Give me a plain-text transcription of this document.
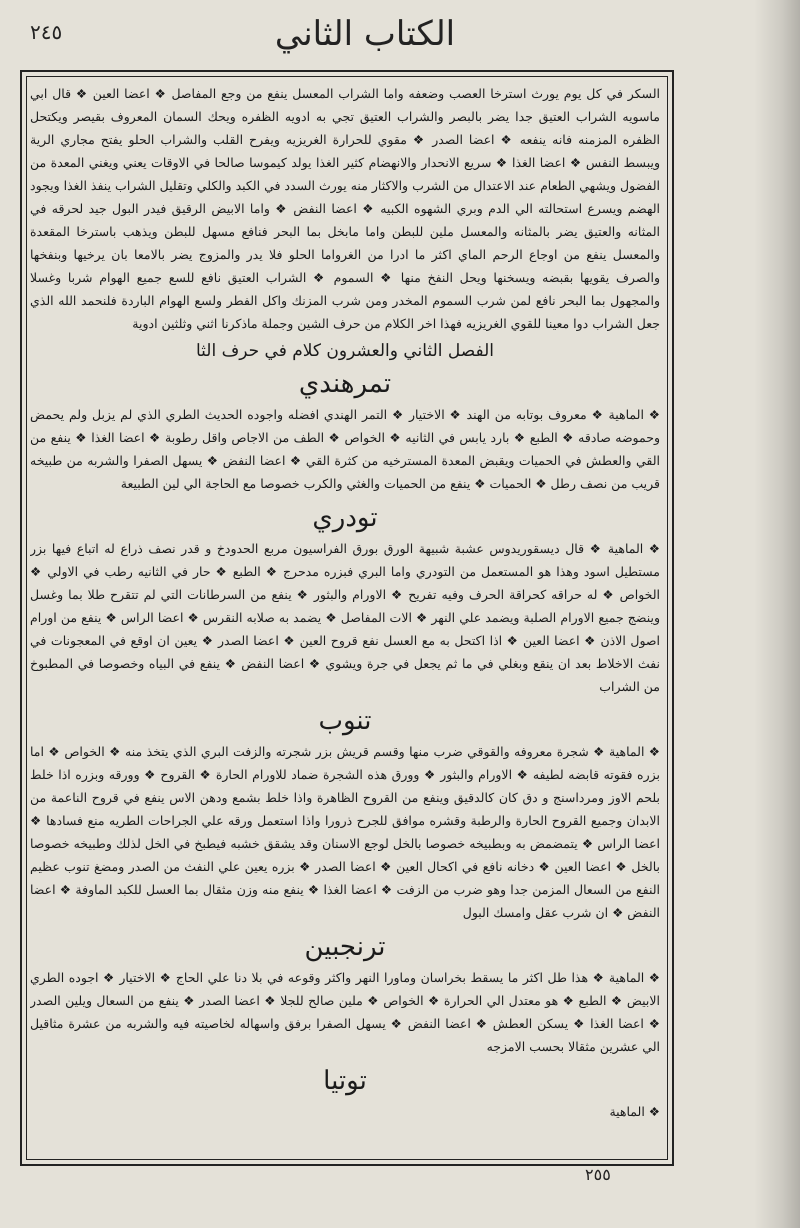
الكتاب الثاني
٢٤٥

السكر في كل يوم يورث استرخا العصب وضعفه واما الشراب المعسل ينفع من وجع المفاصل ❖ اعضا العين ❖ قال ابي ماسويه الشراب العتيق جدا يضر بالبصر والشراب العتيق تجي به ادويه الظفره ويحك السمان المعروف بقيصر ويكتحل الظفره المزمنه فانه ينفعه ❖ اعضا الصدر ❖ مقوي للحرارة الغريزيه ويفرح القلب والشراب الحلو يفتح مجاري الرية ويبسط النفس ❖ اعضا الغذا ❖ سريع الانحدار والانهضام كثير الغذا يولد كيموسا صالحا في الاوقات يعني ويغني المعدة من الفضول ويشهي الطعام عند الاعتدال من الشرب والاكثار منه يورث السدد في الكبد والكلي وتقليل الشراب ينفذ الغذا ويجود الهضم ويسرع استحالته الي الدم وبري الشهوه الكبيه ❖ اعضا النفض ❖ واما الابيض الرقيق فيدر البول جيد لحرقه في المثانه والعتيق يضر بالمثانه والمعسل ملين للبطن واما مابخل بما البحر فنافع مسهل للبطن ويذهب باسترخا المقعدة والمعسل ينفع من اوجاع الرحم الماي اكثر ما ادرا من الغرواما الحلو فلا يدر والمزوج يضر بالامعا بان يرخيها وبنفخها والصرف يقويها بقبضه ويسخنها ويحل النفخ منها ❖ السموم ❖ الشراب العتيق نافع للسع جميع الهوام شربا وغسلا والمجهول بما البحر نافع لمن شرب السموم المخدر ومن شرب المزنك واكل الفطر ولسع الهوام الباردة فلنحمد الله الذي جعل الشراب دوا معينا للقوي الغريزيه فهذا اخر الكلام من حرف الشين وجملة ماذكرنا اثني وثلثين ادوية

الفصل الثاني والعشرون كلام في حرف الثا
تمرهندي

❖ الماهية ❖ معروف بوتابه من الهند ❖ الاختيار ❖ التمر الهندي افضله واجوده الحديث الطري الذي لم يزبل ولم يحمض وحموضه صادقه ❖ الطبع ❖ بارد يابس في الثانيه ❖ الخواص ❖ الطف من الاجاص واقل رطوبة ❖ اعضا الغذا ❖ ينفع من القي والعطش في الحميات ويقبض المعدة المسترخيه من كثرة القي ❖ اعضا النفض ❖ يسهل الصفرا والشربه من طبيخه قريب من نصف رطل ❖ الحميات ❖ ينفع من الحميات والغثي والكرب خصوصا مع الحاجة الي لين الطبيعة

تودري

❖ الماهية ❖ قال ديسقوريدوس عشبة شبيهة الورق بورق الفراسيون مربع الحدودخ و قدر نصف ذراع له اتباع فيها بزر مستطيل اسود وهذا هو المستعمل من التودري واما البري فبزره مدحرج ❖ الطبع ❖ حار في الثانيه رطب في الاولي ❖ الخواص ❖ له حراقه كحراقة الحرف وفيه تفريح ❖ الاورام والبثور ❖ ينفع من السرطانات التي لم تتقرح طلا بما وغسل وينضج جميع الاورام الصلبة ويضمد علي النهر ❖ الات المفاصل ❖ يضمد به صلابه النقرس ❖ اعضا الراس ❖ ينفع من اورام اصول الاذن ❖ اعضا العين ❖ اذا اكتحل به مع العسل نفع قروح العين ❖ اعضا الصدر ❖ يعين ان اوقع في المعجونات في نفث الاخلاط بعد ان ينقع وبغلي في ما ثم يجعل في جرة ويشوي ❖ اعضا النفض ❖ ينفع في البياه وخصوصا في المطبوخ من الشراب

تنوب

❖ الماهية ❖ شجرة معروفه والقوقي ضرب منها وقسم قريش بزر شجرته والزفت البري الذي يتخذ منه ❖ الخواص ❖ اما بزره فقوته قابضه لطيفه ❖ الاورام والبثور ❖ وورق هذه الشجرة ضماد للاورام الحارة ❖ القروح ❖ وورقه وبزره اذا خلط بلحم الاوز ومرداسنج و دق كان كالدقيق وينفع من القروح الظاهرة واذا خلط بشمع ودهن الاس ينفع في قروح الناعمة من الابدان وجميع القروح الحارة والرطبة وقشره موافق للجرح ذرورا واذا استعمل ورقه علي الجراحات الطريه منع فسادها ❖ اعضا الراس ❖ يتمضمض به وبطبيخه خصوصا بالخل لوجع الاسنان وقد يشقق خشبه فيطبخ في الخل لذلك وطبيخه خصوصا بالخل ❖ اعضا العين ❖ دخانه نافع في اكحال العين ❖ اعضا الصدر ❖ بزره يعين علي النفث من الصدر ومضغ تنوب عظيم النفع من السعال المزمن جدا وهو ضرب من الزفت ❖ اعضا الغذا ❖ ينفع منه وزن مثقال بما العسل للكبد الماوفة ❖ اعضا النفض ❖ ان شرب عقل وامسك البول

ترنجبين

❖ الماهية ❖ هذا طل اكثر ما يسقط بخراسان وماورا النهر واكثر وقوعه في بلا دنا علي الحاج ❖ الاختيار ❖ اجوده الطري الابيض ❖ الطبع ❖ هو معتدل الي الحرارة ❖ الخواص ❖ ملين صالح للجلا ❖ اعضا الصدر ❖ ينفع من السعال ويلين الصدر ❖ اعضا الغذا ❖ يسكن العطش ❖ اعضا النفض ❖ يسهل الصفرا برفق واسهاله لخاصيته فيه والشربه من عشرة مثاقيل الي عشرين مثقالا بحسب الامزجه

توتيا

❖ الماهية

٢٥٥
